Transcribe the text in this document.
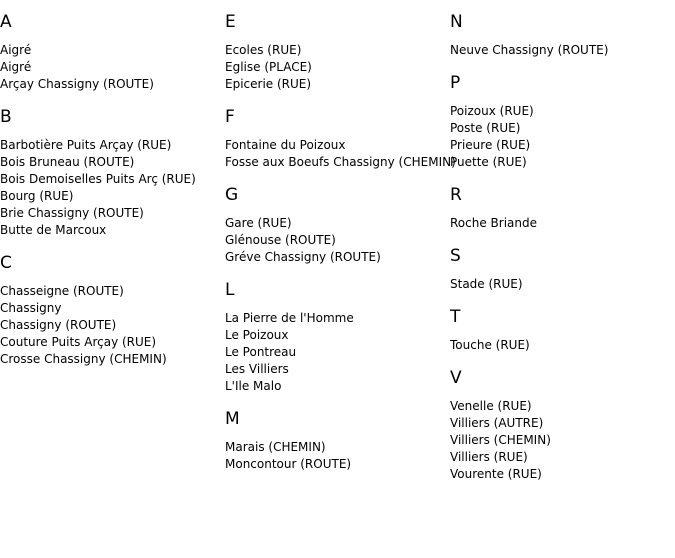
A
Aigré
Aigré
Arçay Chassigny (ROUTE)
B
Barbotière Puits Arçay (RUE)
Bois Bruneau (ROUTE)
Bois Demoiselles Puits Arç (RUE)
Bourg (RUE)
Brie Chassigny (ROUTE)
Butte de Marcoux
C
Chasseigne (ROUTE)
Chassigny
Chassigny (ROUTE)
Couture Puits Arçay (RUE)
Crosse Chassigny (CHEMIN)
E
Ecoles (RUE)
Eglise (PLACE)
Epicerie (RUE)
F
Fontaine du Poizoux
Fosse aux Boeufs Chassigny (CHEMIN)
G
Gare (RUE)
Glénouse (ROUTE)
Gréve Chassigny (ROUTE)
L
La Pierre de l'Homme
Le Poizoux
Le Pontreau
Les Villiers
L'Ile Malo
M
Marais (CHEMIN)
Moncontour (ROUTE)
N
Neuve Chassigny (ROUTE)
P
Poizoux (RUE)
Poste (RUE)
Prieure (RUE)
Puette (RUE)
R
Roche Briande
S
Stade (RUE)
T
Touche (RUE)
V
Venelle (RUE)
Villiers (AUTRE)
Villiers (CHEMIN)
Villiers (RUE)
Vourente (RUE)
